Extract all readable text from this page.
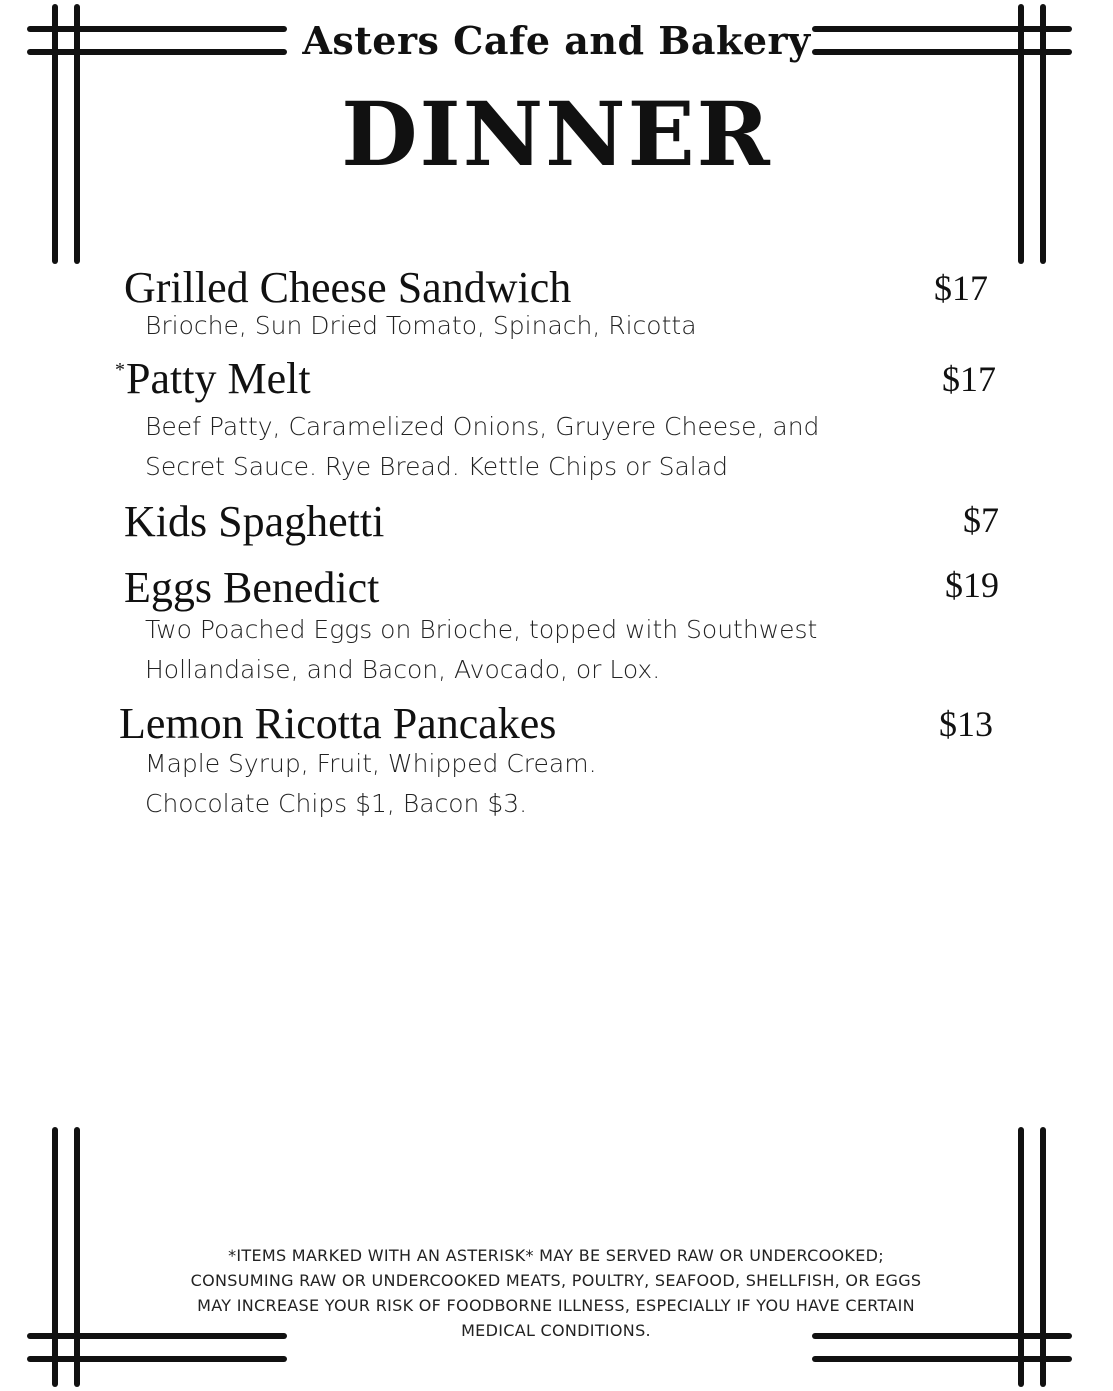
Asters Cafe and Bakery
DINNER
Grilled Cheese Sandwich	$17
Brioche, Sun Dried Tomato, Spinach, Ricotta
* Patty Melt	$17
Beef Patty, Caramelized Onions, Gruyere Cheese, and Secret Sauce. Rye Bread. Kettle Chips or Salad
Kids Spaghetti	$7
Eggs Benedict	$19
Two Poached Eggs on Brioche, topped with Southwest Hollandaise, and Bacon, Avocado, or Lox.
Lemon Ricotta Pancakes	$13
Maple Syrup, Fruit, Whipped Cream.
Chocolate Chips $1, Bacon $3.
*ITEMS MARKED WITH AN ASTERISK* MAY BE SERVED RAW OR UNDERCOOKED; CONSUMING RAW OR UNDERCOOKED MEATS, POULTRY, SEAFOOD, SHELLFISH, OR EGGS MAY INCREASE YOUR RISK OF FOODBORNE ILLNESS, ESPECIALLY IF YOU HAVE CERTAIN MEDICAL CONDITIONS.
